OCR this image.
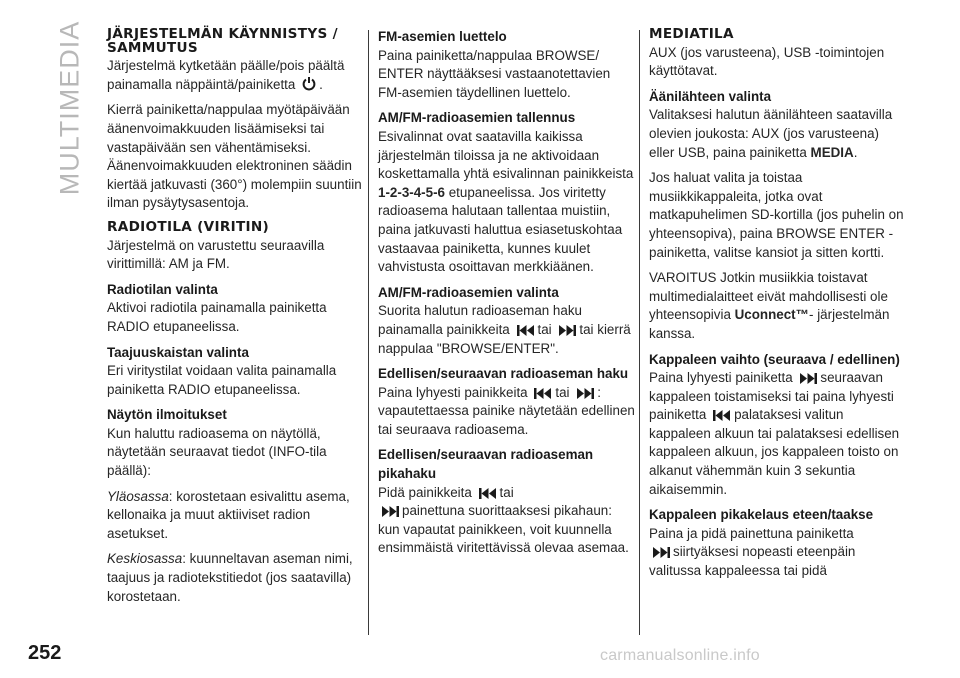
MULTIMEDIA JÄRJESTELMÄN KÄYNNISTYS / SAMMUTUS

Järjestelmä kytketään päälle/pois päältä painamalla näppäintä/painiketta .

Kierrä painiketta/nappulaa myötäpäivään äänenvoimakkuuden lisäämiseksi tai vastapäivään sen vähentämiseksi. Äänenvoimakkuuden elektroninen säädin kiertää jatkuvasti (360°) molempiin suuntiin ilman pysäytysasentoja.

RADIOTILA (VIRITIN)

Järjestelmä on varustettu seuraavilla virittimillä: AM ja FM.

Radiotilan valinta

Aktivoi radiotila painamalla painiketta RADIO etupaneelissa.

Taajuuskaistan valinta

Eri viritystilat voidaan valita painamalla painiketta RADIO etupaneelissa.

Näytön ilmoitukset

Kun haluttu radioasema on näytöllä, näytetään seuraavat tiedot (INFO-tila päällä):

Yläosassa: korostetaan esivalittu asema, kellonaika ja muut aktiiviset radion asetukset.

Keskiosassa: kuunneltavan aseman nimi, taajuus ja radiotekstitiedot (jos saatavilla) korostetaan.

FM-asemien luettelo

Paina painiketta/nappulaa BROWSE/ ENTER näyttääksesi vastaanotettavien FM-asemien täydellinen luettelo.

AM/FM-radioasemien tallennus

Esivalinnat ovat saatavilla kaikissa järjestelmän tiloissa ja ne aktivoidaan koskettamalla yhtä esivalinnan painikkeista 1-2-3-4-5-6 etupaneelissa. Jos viritetty radioasema halutaan tallentaa muistiin, paina jatkuvasti haluttua esiasetuskohtaa vastaavaa painiketta, kunnes kuulet vahvistusta osoittavan merkkiäänen.

AM/FM-radioasemien valinta

Suorita halutun radioaseman haku painamalla painikkeita tai tai kierrä nappulaa "BROWSE/ENTER".

Edellisen/seuraavan radioaseman haku

Paina lyhyesti painikkeita tai : vapautettaessa painike näytetään edellinen tai seuraava radioasema.

Edellisen/seuraavan radioaseman pikahaku

Pidä painikkeita tai

painettuna suorittaaksesi pikahaun: kun vapautat painikkeen, voit kuunnella ensimmäistä viritettävissä olevaa asemaa.

MEDIATILA

AUX (jos varusteena), USB -toimintojen käyttötavat.

Äänilähteen valinta

Valitaksesi halutun äänilähteen saatavilla olevien joukosta: AUX (jos varusteena) eller USB, paina painiketta MEDIA.

Jos haluat valita ja toistaa musiikkikappaleita, jotka ovat matkapuhelimen SD-kortilla (jos puhelin on yhteensopiva), paina BROWSE ENTER -painiketta, valitse kansiot ja sitten kortti.

VAROITUS Jotkin musiikkia toistavat multimedialaitteet eivät mahdollisesti ole yhteensopivia Uconnect™- järjestelmän kanssa.

Kappaleen vaihto (seuraava / edellinen)

Paina lyhyesti painiketta seuraavan kappaleen toistamiseksi tai paina lyhyesti painiketta palataksesi valitun kappaleen alkuun tai palataksesi edellisen kappaleen alkuun, jos kappaleen toisto on alkanut vähemmän kuin 3 sekuntia aikaisemmin.

Kappaleen pikakelaus eteen/taakse

Paina ja pidä painettuna painiketta

siirtyäksesi nopeasti eteenpäin valitussa kappaleessa tai pidä

252	carmanualsonline.info
